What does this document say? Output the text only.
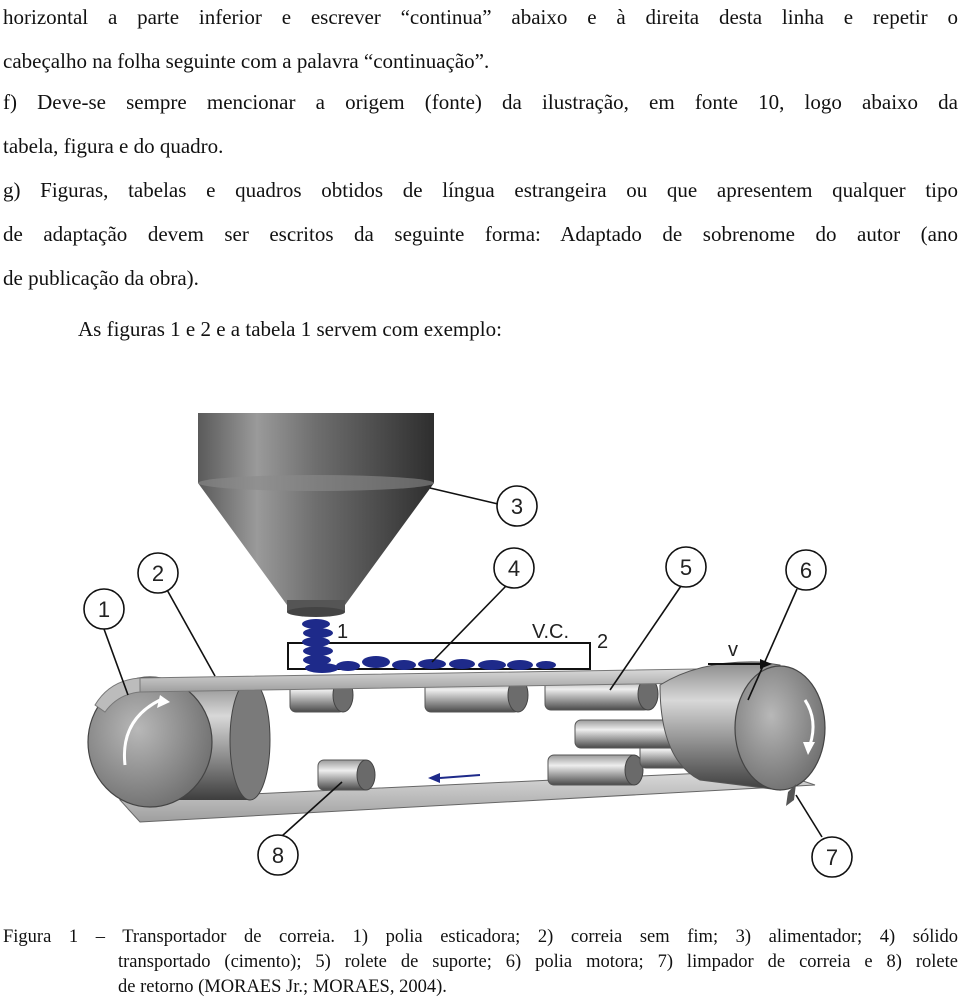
horizontal a parte inferior e escrever “continua” abaixo e à direita desta linha e repetir o
cabeçalho na folha seguinte com a palavra “continuação”.
f) Deve-se sempre mencionar a origem (fonte) da ilustração, em fonte 10, logo abaixo da
tabela, figura e do quadro.
g) Figuras, tabelas e quadros obtidos de língua estrangeira ou que apresentem qualquer tipo
de adaptação devem ser escritos da seguinte forma: Adaptado de sobrenome do autor (ano
de publicação da obra).
As figuras 1 e 2 e a tabela 1 servem com exemplo:
1	V.C. 2	v
1
2
3
4	5	6
7
8
Figura 1 – Transportador de correia. 1) polia esticadora; 2) correia sem fim; 3) alimentador; 4) sólido
transportado (cimento); 5) rolete de suporte; 6) polia motora; 7) limpador de correia e 8) rolete
de retorno (MORAES Jr.; MORAES, 2004).
